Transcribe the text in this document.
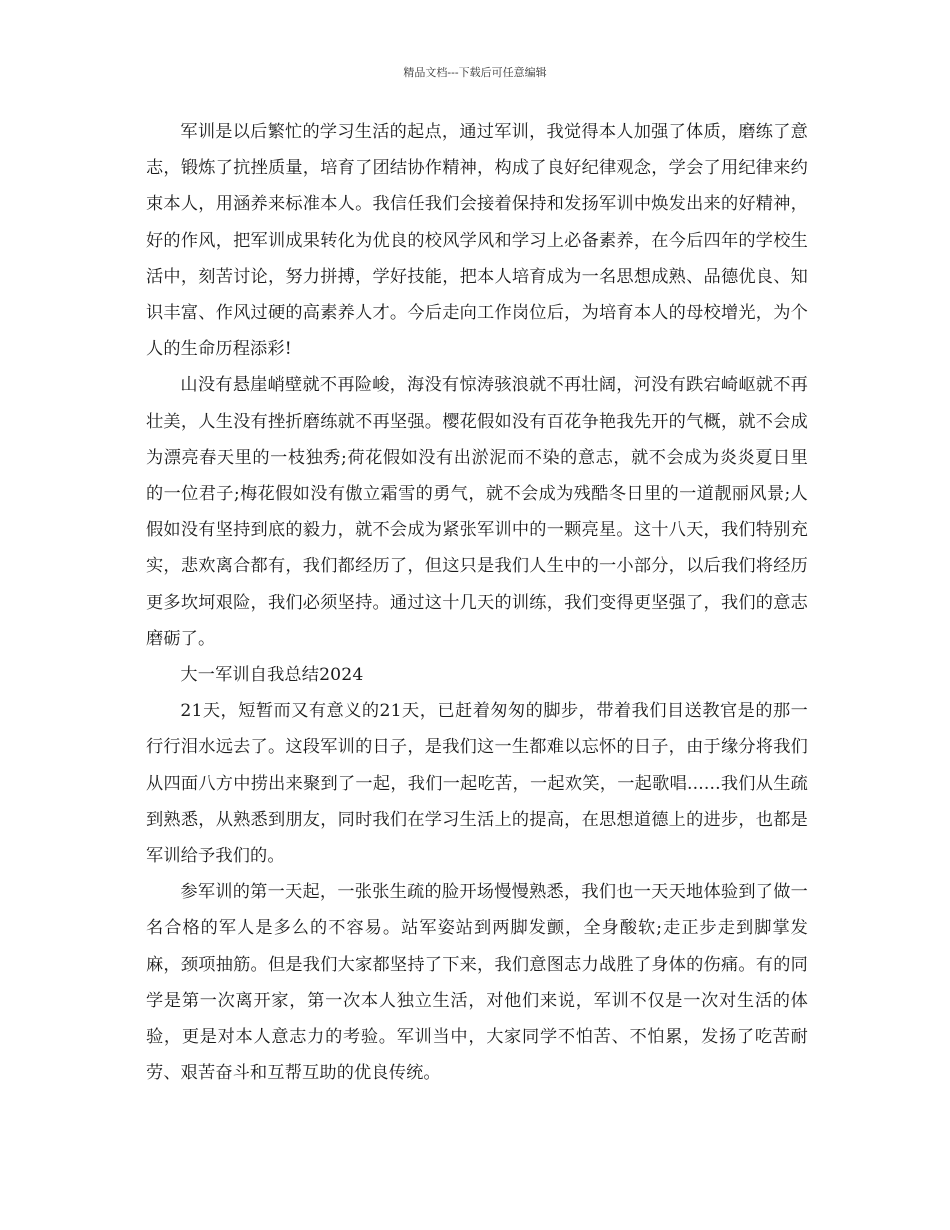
精品文档---下载后可任意编辑

军训是以后繁忙的学习生活的起点，通过军训，我觉得本人加强了体质，磨练了意志，锻炼了抗挫质量，培育了团结协作精神，构成了良好纪律观念，学会了用纪律来约束本人，用涵养来标准本人。我信任我们会接着保持和发扬军训中焕发出来的好精神，好的作风，把军训成果转化为优良的校风学风和学习上必备素养，在今后四年的学校生活中，刻苦讨论，努力拼搏，学好技能，把本人培育成为一名思想成熟、品德优良、知识丰富、作风过硬的高素养人才。今后走向工作岗位后，为培育本人的母校增光，为个人的生命历程添彩!

山没有悬崖峭壁就不再险峻，海没有惊涛骇浪就不再壮阔，河没有跌宕崎岖就不再壮美，人生没有挫折磨练就不再坚强。樱花假如没有百花争艳我先开的气概，就不会成为漂亮春天里的一枝独秀;荷花假如没有出淤泥而不染的意志，就不会成为炎炎夏日里的一位君子;梅花假如没有傲立霜雪的勇气，就不会成为残酷冬日里的一道靓丽风景;人假如没有坚持到底的毅力，就不会成为紧张军训中的一颗亮星。这十八天，我们特别充实，悲欢离合都有，我们都经历了，但这只是我们人生中的一小部分，以后我们将经历更多坎坷艰险，我们必须坚持。通过这十几天的训练，我们变得更坚强了，我们的意志磨砺了。

大一军训自我总结2024

21天，短暂而又有意义的21天，已赶着匆匆的脚步，带着我们目送教官是的那一行行泪水远去了。这段军训的日子，是我们这一生都难以忘怀的日子，由于缘分将我们从四面八方中捞出来聚到了一起，我们一起吃苦，一起欢笑，一起歌唱......我们从生疏到熟悉，从熟悉到朋友，同时我们在学习生活上的提高，在思想道德上的进步，也都是军训给予我们的。

参军训的第一天起，一张张生疏的脸开场慢慢熟悉，我们也一天天地体验到了做一名合格的军人是多么的不容易。站军姿站到两脚发颤，全身酸软;走正步走到脚掌发麻，颈项抽筋。但是我们大家都坚持了下来，我们意图志力战胜了身体的伤痛。有的同学是第一次离开家，第一次本人独立生活，对他们来说，军训不仅是一次对生活的体验，更是对本人意志力的考验。军训当中，大家同学不怕苦、不怕累，发扬了吃苦耐劳、艰苦奋斗和互帮互助的优良传统。
